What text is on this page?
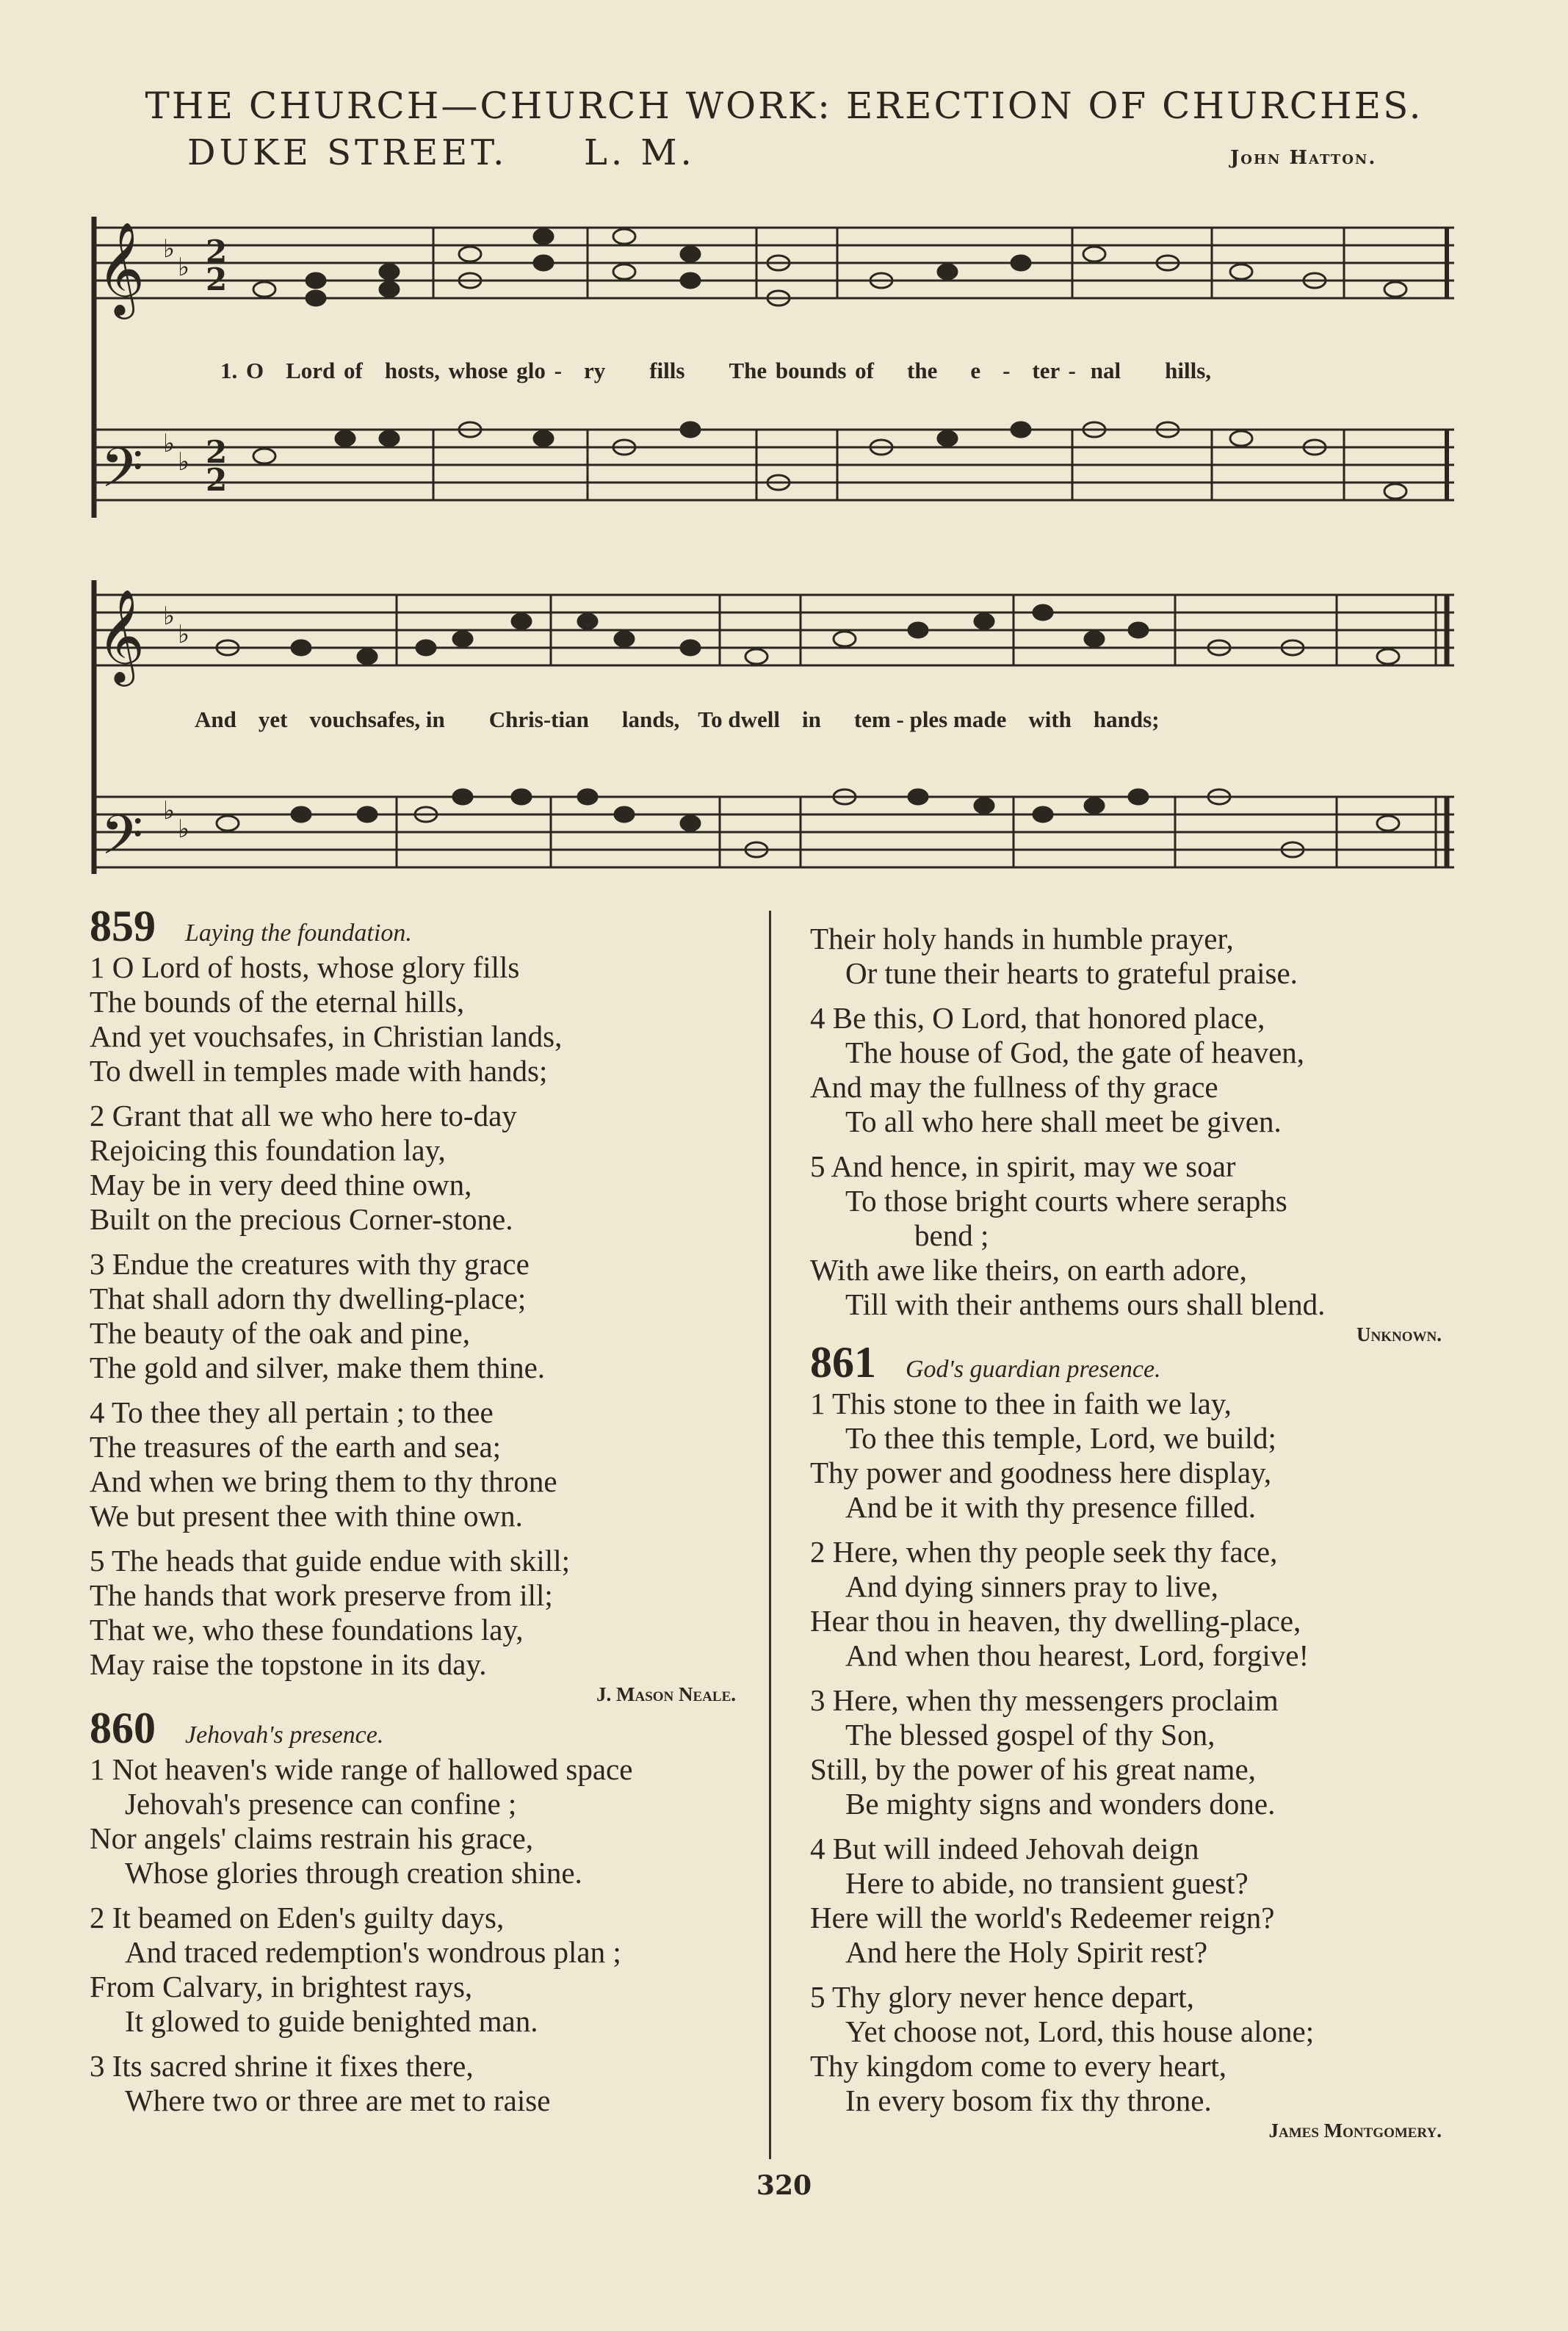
THE CHURCH—CHURCH WORK: ERECTION OF CHURCHES.
DUKE STREET. L. M.	John Hatton.
𝄞
𝄢
♭
♭
♭
♭
2
2
2
2
1. O Lord of hosts, whose glo - ry fills The bounds of the e - ter - nal hills,
𝄞
𝄢
♭
♭
♭
♭
And yet vouchsafes, in Chris-tian lands, To dwell in tem - ples made with hands;
859 Laying the foundation.
1 O Lord of hosts, whose glory fills
The bounds of the eternal hills,
And yet vouchsafes, in Christian lands,
To dwell in temples made with hands;
2 Grant that all we who here to-day
Rejoicing this foundation lay,
May be in very deed thine own,
Built on the precious Corner-stone.
3 Endue the creatures with thy grace
That shall adorn thy dwelling-place;
The beauty of the oak and pine,
The gold and silver, make them thine.
4 To thee they all pertain ; to thee
The treasures of the earth and sea;
And when we bring them to thy throne
We but present thee with thine own.
5 The heads that guide endue with skill;
The hands that work preserve from ill;
That we, who these foundations lay,
May raise the topstone in its day.
J. Mason Neale.
860 Jehovah's presence.
1 Not heaven's wide range of hallowed space
Jehovah's presence can confine ;
Nor angels' claims restrain his grace,
Whose glories through creation shine.
2 It beamed on Eden's guilty days,
And traced redemption's wondrous plan ;
From Calvary, in brightest rays,
It glowed to guide benighted man.
3 Its sacred shrine it fixes there,
Where two or three are met to raise
Their holy hands in humble prayer,
Or tune their hearts to grateful praise.
4 Be this, O Lord, that honored place,
The house of God, the gate of heaven,
And may the fullness of thy grace
To all who here shall meet be given.
5 And hence, in spirit, may we soar
To those bright courts where seraphs
bend ;
With awe like theirs, on earth adore,
Till with their anthems ours shall blend.
Unknown.
861 God's guardian presence.
1 This stone to thee in faith we lay,
To thee this temple, Lord, we build;
Thy power and goodness here display,
And be it with thy presence filled.
2 Here, when thy people seek thy face,
And dying sinners pray to live,
Hear thou in heaven, thy dwelling-place,
And when thou hearest, Lord, forgive!
3 Here, when thy messengers proclaim
The blessed gospel of thy Son,
Still, by the power of his great name,
Be mighty signs and wonders done.
4 But will indeed Jehovah deign
Here to abide, no transient guest?
Here will the world's Redeemer reign?
And here the Holy Spirit rest?
5 Thy glory never hence depart,
Yet choose not, Lord, this house alone;
Thy kingdom come to every heart,
In every bosom fix thy throne.
James Montgomery.
320
